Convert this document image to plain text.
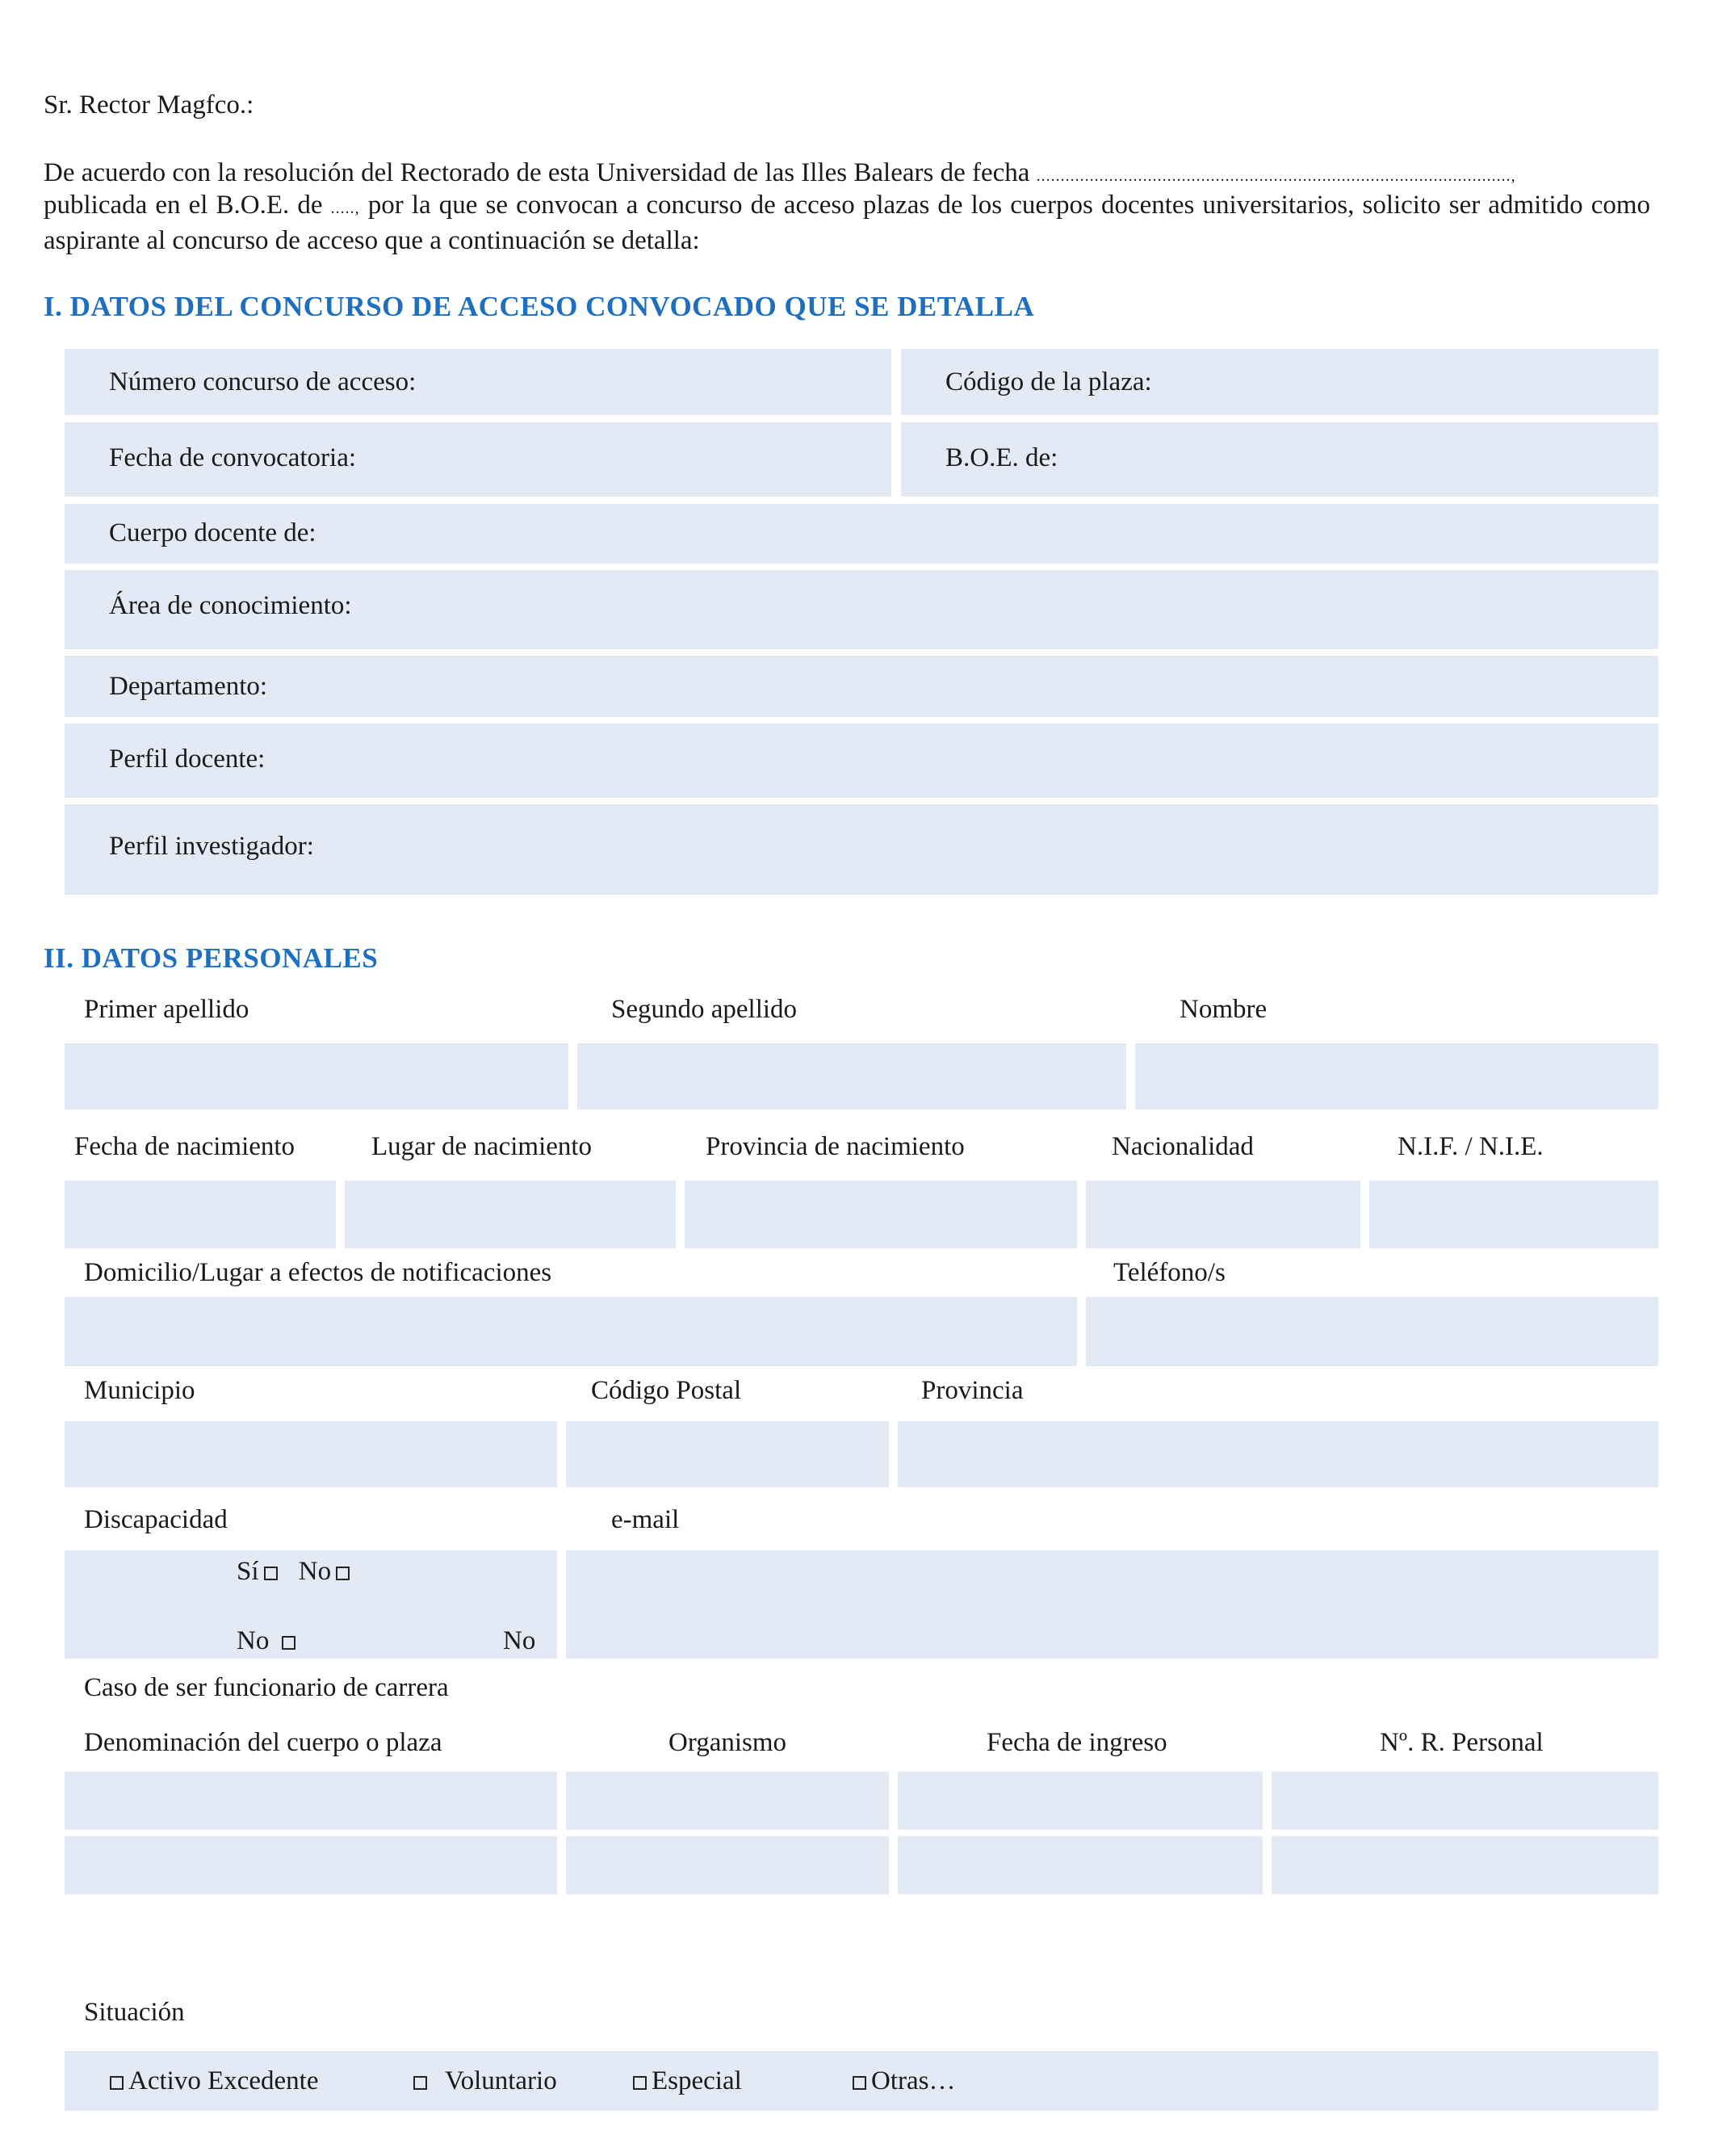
Sr. Rector Magfco.:
De acuerdo con la resolución del Rectorado de esta Universidad de las Illes Balears de fecha ..................................................................................................,
publicada en el B.O.E. de ....., por la que se convocan a concurso de acceso plazas de los cuerpos docentes universitarios, solicito ser admitido como aspirante al concurso de acceso que a continuación se detalla:
I. DATOS DEL CONCURSO DE ACCESO CONVOCADO QUE SE DETALLA
Número concurso de acceso:	Código de la plaza:
Fecha de convocatoria:	B.O.E. de:
Cuerpo docente de:
Área de conocimiento:
Departamento:
Perfil docente:
Perfil investigador:
II. DATOS PERSONALES
Primer apellido	Segundo apellido	Nombre
Fecha de nacimiento	Lugar de nacimiento	Provincia de nacimiento	Nacionalidad	N.I.F. / N.I.E.
Domicilio/Lugar a efectos de notificaciones	Teléfono/s
Municipio	Código Postal	Provincia
Discapacidad	e-mail
Sí No
No	No
Caso de ser funcionario de carrera
Denominación del cuerpo o plaza	Organismo	Fecha de ingreso	Nº. R. Personal
Situación
Activo Excedente	Voluntario	Especial	Otras…
